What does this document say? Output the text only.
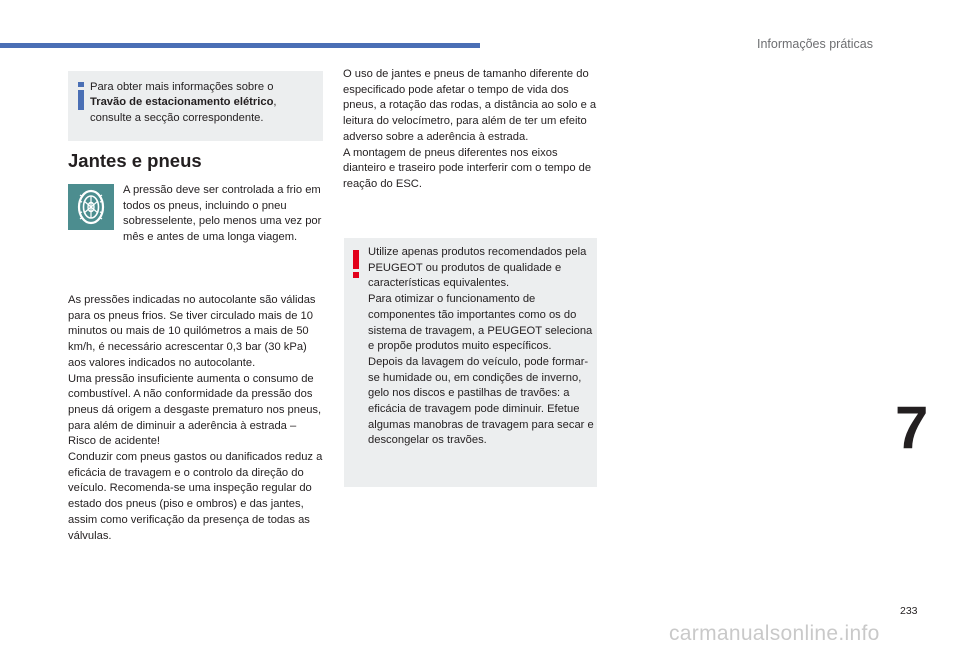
Informações práticas

Para obter mais informações sobre o
Travão de estacionamento elétrico,
consulte a secção correspondente.

Jantes e pneus

A pressão deve ser controlada a frio em todos os pneus, incluindo o pneu sobresselente, pelo menos uma vez por mês e antes de uma longa viagem.

As pressões indicadas no autocolante são válidas para os pneus frios. Se tiver circulado mais de 10 minutos ou mais de 10 quilómetros a mais de 50 km/h, é necessário acrescentar 0,3 bar (30 kPa) aos valores indicados no autocolante.
Uma pressão insuficiente aumenta o consumo de combustível. A não conformidade da pressão dos pneus dá origem a desgaste prematuro nos pneus, para além de diminuir a aderência à estrada – Risco de acidente!
Conduzir com pneus gastos ou danificados reduz a eficácia de travagem e o controlo da direção do veículo. Recomenda-se uma inspeção regular do estado dos pneus (piso e ombros) e das jantes, assim como verificação da presença de todas as válvulas.

O uso de jantes e pneus de tamanho diferente do especificado pode afetar o tempo de vida dos pneus, a rotação das rodas, a distância ao solo e a leitura do velocímetro, para além de ter um efeito adverso sobre a aderência à estrada.
A montagem de pneus diferentes nos eixos dianteiro e traseiro pode interferir com o tempo de reação do ESC.

Utilize apenas produtos recomendados pela PEUGEOT ou produtos de qualidade e características equivalentes.
Para otimizar o funcionamento de componentes tão importantes como os do sistema de travagem, a PEUGEOT seleciona e propõe produtos muito específicos.
Depois da lavagem do veículo, pode formar-se humidade ou, em condições de inverno, gelo nos discos e pastilhas de travões: a eficácia de travagem pode diminuir. Efetue algumas manobras de travagem para secar e descongelar os travões.	7
233
carmanualsonline.info
